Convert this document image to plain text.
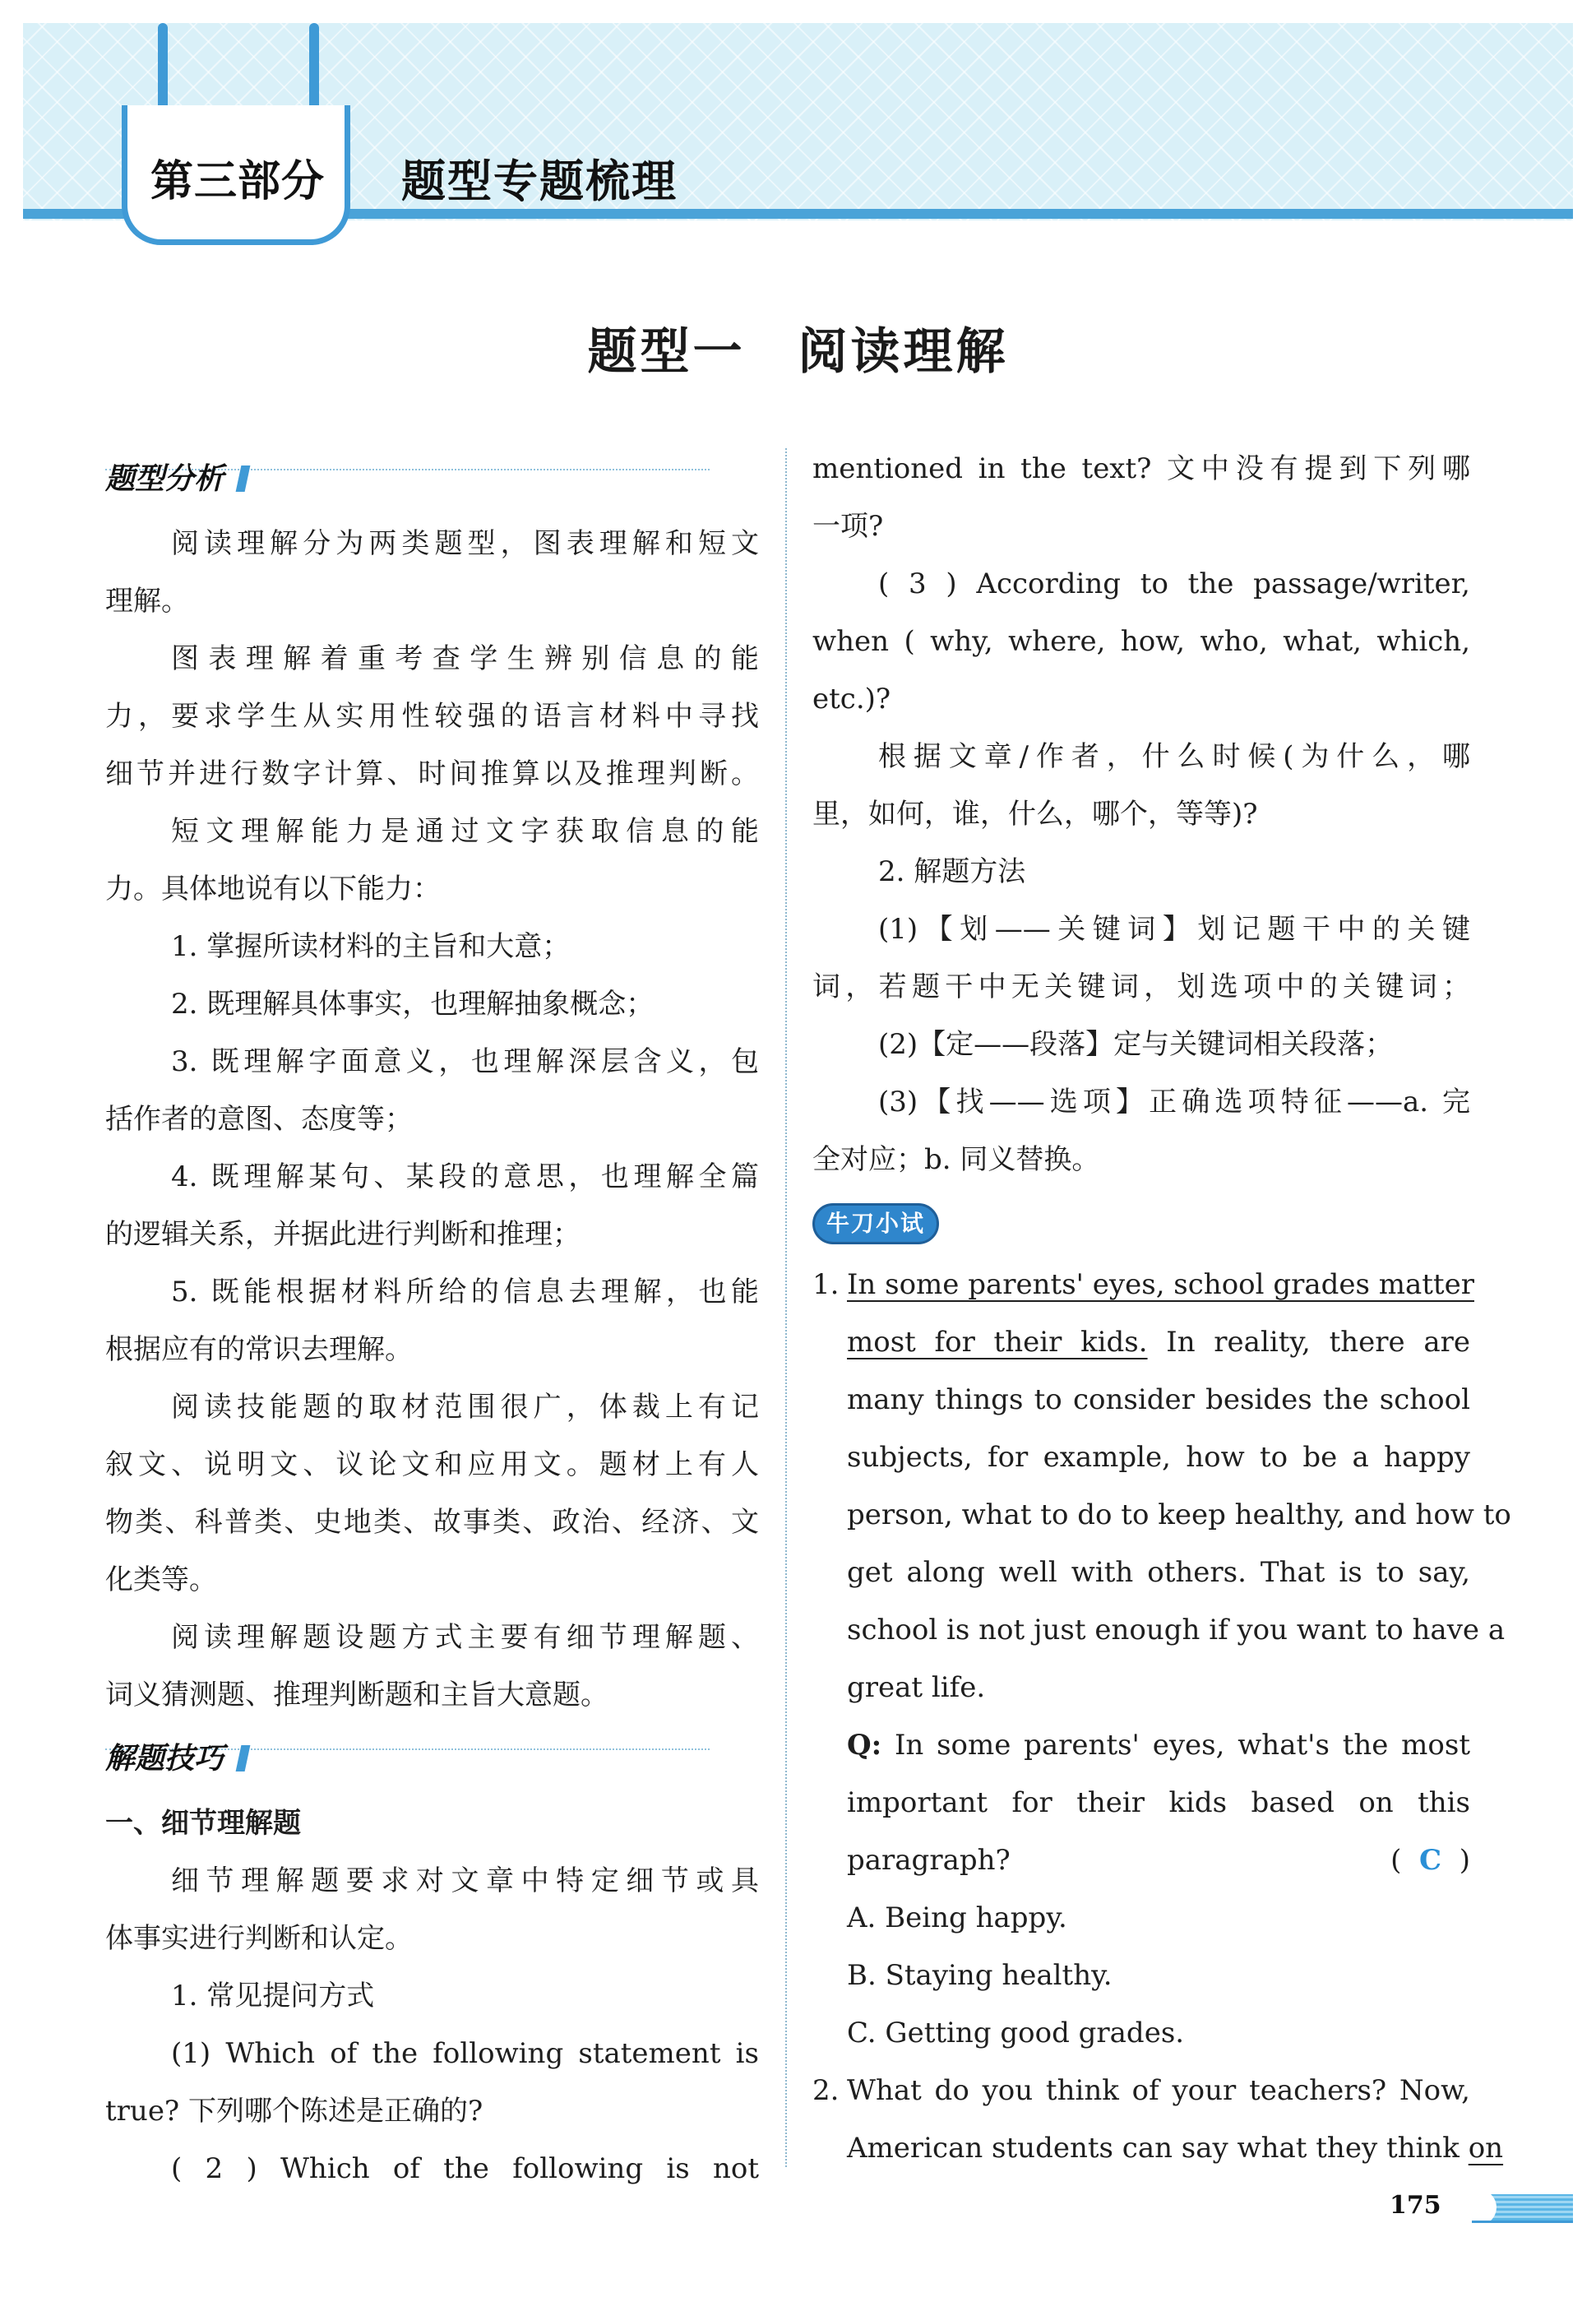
第三部分	题型专题梳理
题型一　阅读理解
题型分析
阅读理解分为两类题型，图表理解和短文
理解。
图表理解着重考查学生辨别信息的能
力，要求学生从实用性较强的语言材料中寻找
细节并进行数字计算、时间推算以及推理判断。
短文理解能力是通过文字获取信息的能
力。具体地说有以下能力：
1. 掌握所读材料的主旨和大意；
2. 既理解具体事实，也理解抽象概念；
3. 既理解字面意义，也理解深层含义，包
括作者的意图、态度等；
4. 既理解某句、某段的意思，也理解全篇
的逻辑关系，并据此进行判断和推理；
5. 既能根据材料所给的信息去理解，也能
根据应有的常识去理解。
阅读技能题的取材范围很广，体裁上有记
叙文、说明文、议论文和应用文。题材上有人
物类、科普类、史地类、故事类、政治、经济、文
化类等。
阅读理解题设题方式主要有细节理解题、
词义猜测题、推理判断题和主旨大意题。
解题技巧
一、细节理解题
细节理解题要求对文章中特定细节或具
体事实进行判断和认定。
1. 常见提问方式
(1) Which of the following statement is
true? 下列哪个陈述是正确的?
( 2 ) Which of the following is not
mentioned in the text? 文中没有提到下列哪
一项?
( 3 ) According to the passage/writer,
when ( why, where, how, who, what, which,
etc.)?
根据文章/作者，什么时候(为什么，哪
里，如何，谁，什么，哪个，等等)?
2. 解题方法
(1)【划——关键词】划记题干中的关键
词，若题干中无关键词，划选项中的关键词；
(2)【定——段落】定与关键词相关段落；
(3)【找——选项】正确选项特征——a. 完
全对应；b. 同义替换。
牛刀小试
1. In some parents' eyes, school grades matter
most for their kids. In reality, there are
many things to consider besides the school
subjects, for example, how to be a happy
person, what to do to keep healthy, and how to
get along well with others. That is to say,
school is not just enough if you want to have a
great life.
Q: In some parents' eyes, what's the most
important for their kids based on this
paragraph?	( C )
A. Being happy.
B. Staying healthy.
C. Getting good grades.
2. What do you think of your teachers? Now,
American students can say what they think on
175
